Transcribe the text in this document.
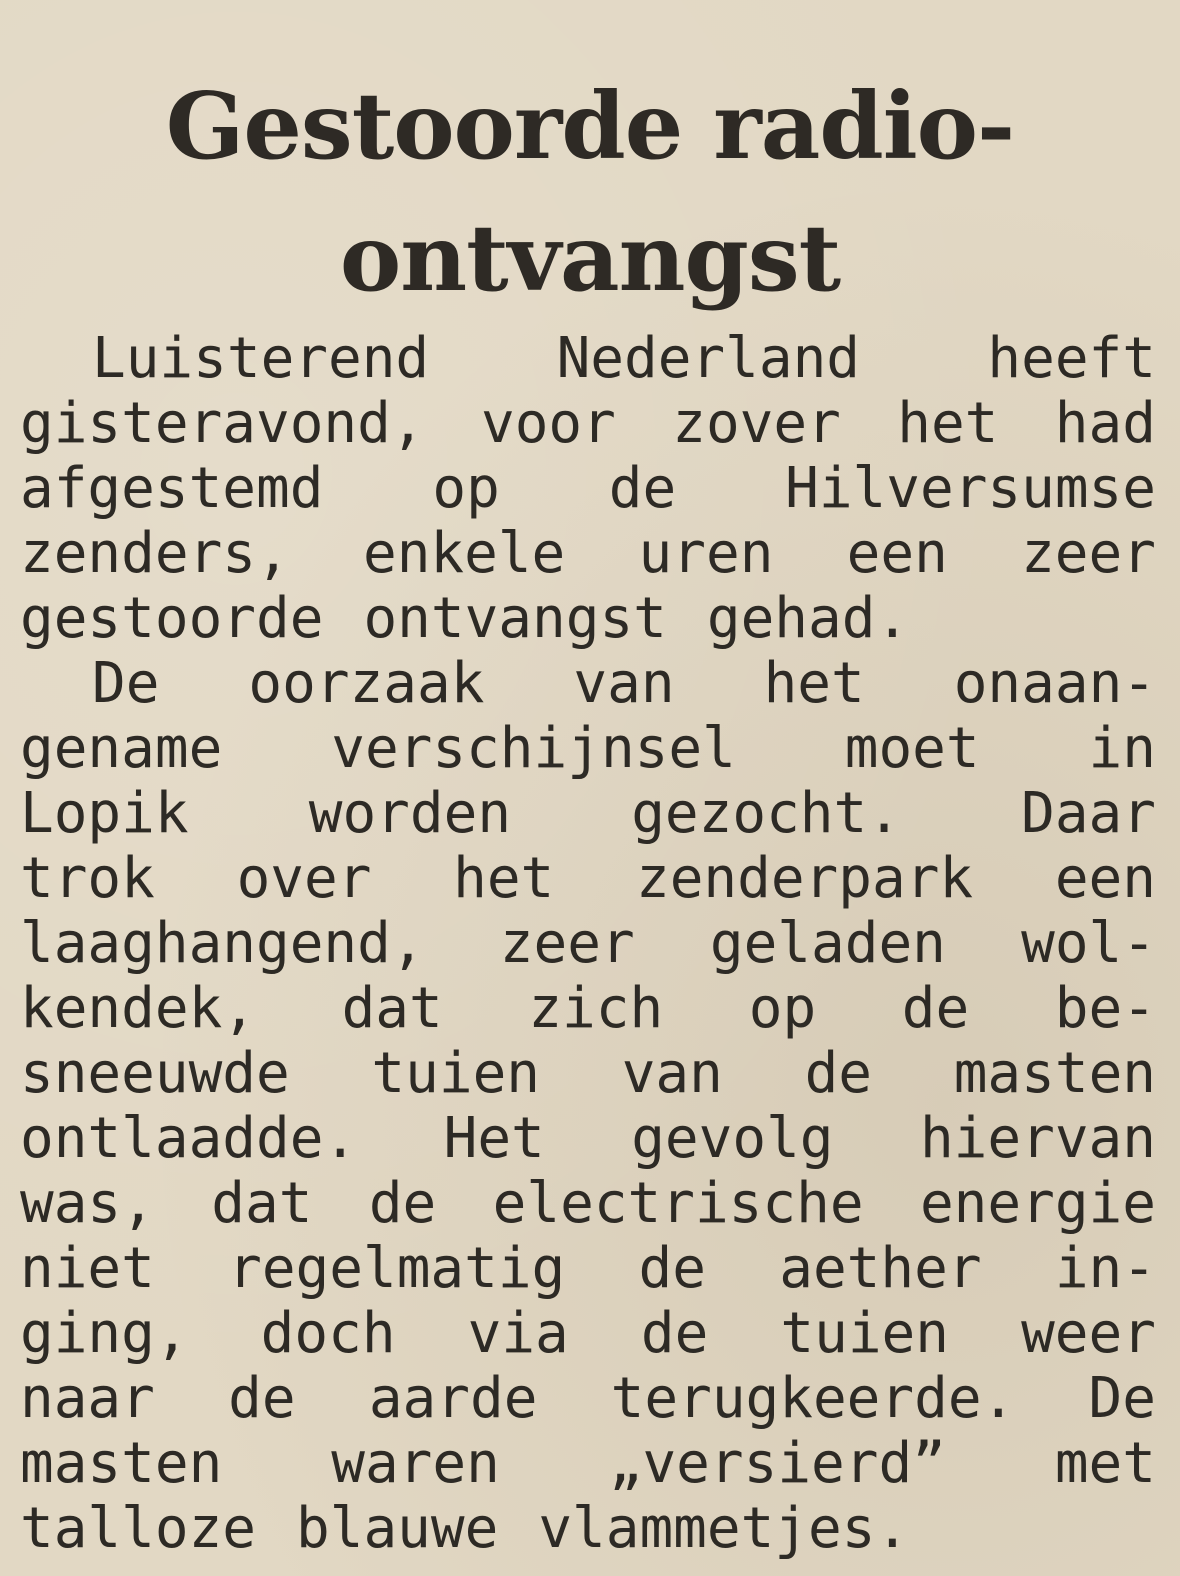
Gestoorde radio-
ontvangst
Luisterend Nederland heeft
gisteravond, voor zover het had
afgestemd op de Hilversumse
zenders, enkele uren een zeer
gestoorde ontvangst gehad.
De oorzaak van het onaan-
gename verschijnsel moet in
Lopik worden gezocht. Daar
trok over het zenderpark een
laaghangend, zeer geladen wol-
kendek, dat zich op de be-
sneeuwde tuien van de masten
ontlaadde. Het gevolg hiervan
was, dat de electrische energie
niet regelmatig de aether in-
ging, doch via de tuien weer
naar de aarde terugkeerde. De
masten waren „versierd” met
talloze blauwe vlammetjes.
